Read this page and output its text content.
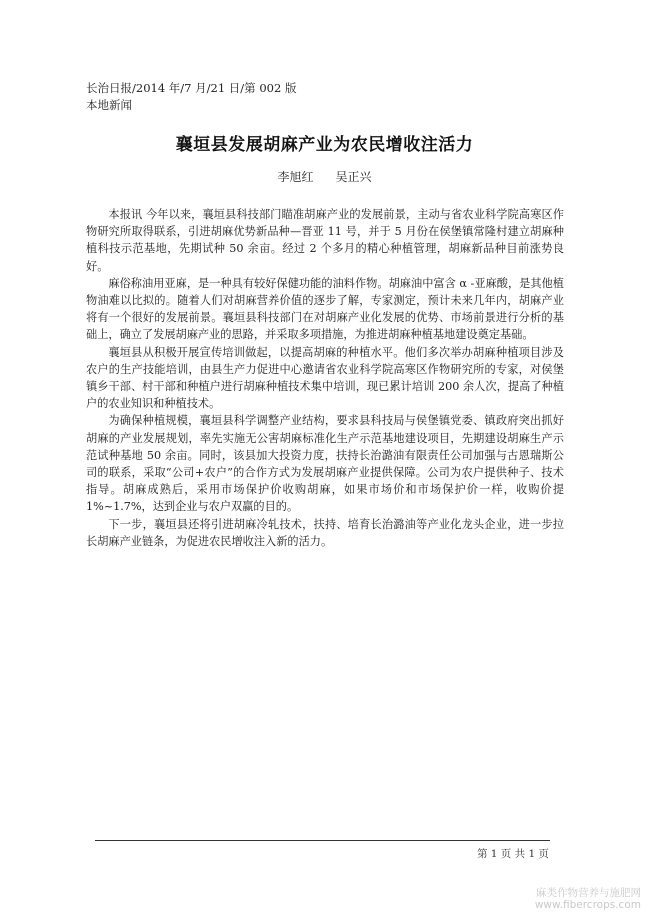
长治日报/2014 年/7 月/21 日/第 002 版
本地新闻
襄垣县发展胡麻产业为农民增收注活力
李旭红 吴正兴

本报讯 今年以来，襄垣县科技部门瞄准胡麻产业的发展前景，主动与省农业科学院高寒区作物研究所取得联系，引进胡麻优势新品种—晋亚 11 号，并于 5 月份在侯堡镇常隆村建立胡麻种植科技示范基地，先期试种 50 余亩。经过 2 个多月的精心种植管理，胡麻新品种目前涨势良好。

麻俗称油用亚麻，是一种具有较好保健功能的油料作物。胡麻油中富含 α -亚麻酸，是其他植物油难以比拟的。随着人们对胡麻营养价值的逐步了解，专家测定，预计未来几年内，胡麻产业将有一个很好的发展前景。襄垣县科技部门在对胡麻产业化发展的优势、市场前景进行分析的基础上，确立了发展胡麻产业的思路，并采取多项措施，为推进胡麻种植基地建设奠定基础。

襄垣县从积极开展宣传培训做起，以提高胡麻的种植水平。他们多次举办胡麻种植项目涉及农户的生产技能培训，由县生产力促进中心邀请省农业科学院高寒区作物研究所的专家，对侯堡镇乡干部、村干部和种植户进行胡麻种植技术集中培训，现已累计培训 200 余人次，提高了种植户的农业知识和种植技术。

为确保种植规模，襄垣县科学调整产业结构，要求县科技局与侯堡镇党委、镇政府突出抓好胡麻的产业发展规划，率先实施无公害胡麻标准化生产示范基地建设项目，先期建设胡麻生产示范试种基地 50 余亩。同时，该县加大投资力度，扶持长治潞油有限责任公司加强与古恩瑞斯公司的联系，采取“公司+农户”的合作方式为发展胡麻产业提供保障。公司为农户提供种子、技术指导。胡麻成熟后，采用市场保护价收购胡麻，如果市场价和市场保护价一样，收购价提 1%~1.7%，达到企业与农户双赢的目的。

下一步，襄垣县还将引进胡麻冷轧技术，扶持、培育长治潞油等产业化龙头企业，进一步拉长胡麻产业链条，为促进农民增收注入新的活力。

第 1 页 共 1 页
麻类作物营养与施肥网
www.fibercrops.com
